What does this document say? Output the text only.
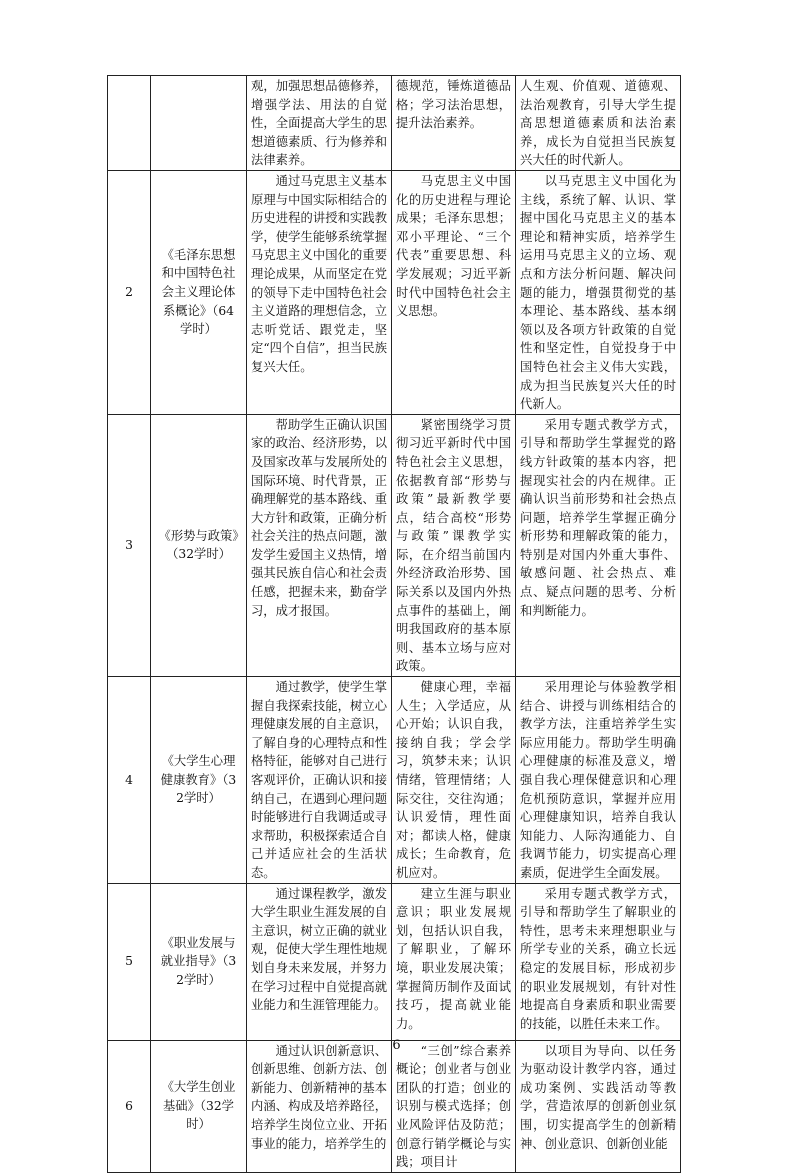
		观，加强思想品德修养，增强学法、用法的自觉性，全面提高大学生的思想道德素质、行为修养和法律素养。	德规范，锤炼道德品格；学习法治思想，提升法治素养。	人生观、价值观、道德观、法治观教育，引导大学生提高思想道德素质和法治素养，成长为自觉担当民族复兴大任的时代新人。
2	《毛泽东思想和中国特色社会主义理论体系概论》（64学时）	通过马克思主义基本原理与中国实际相结合的历史进程的讲授和实践教学，使学生能够系统掌握马克思主义中国化的重要理论成果，从而坚定在党的领导下走中国特色社会主义道路的理想信念，立志听党话、跟党走，坚定“四个自信”，担当民族复兴大任。	马克思主义中国化的历史进程与理论成果；毛泽东思想；邓小平理论、“三个代表”重要思想、科学发展观；习近平新时代中国特色社会主义思想。	以马克思主义中国化为主线，系统了解、认识、掌握中国化马克思主义的基本理论和精神实质，培养学生运用马克思主义的立场、观点和方法分析问题、解决问题的能力，增强贯彻党的基本理论、基本路线、基本纲领以及各项方针政策的自觉性和坚定性，自觉投身于中国特色社会主义伟大实践，成为担当民族复兴大任的时代新人。
3	《形势与政策》（32学时）	帮助学生正确认识国家的政治、经济形势，以及国家改革与发展所处的国际环境、时代背景，正确理解党的基本路线、重大方针和政策，正确分析社会关注的热点问题，激发学生爱国主义热情，增强其民族自信心和社会责任感，把握未来，勤奋学习，成才报国。	紧密围绕学习贯彻习近平新时代中国特色社会主义思想，依据教育部“形势与政策”最新教学要点，结合高校“形势与政策”课教学实际，在介绍当前国内外经济政治形势、国际关系以及国内外热点事件的基础上，阐明我国政府的基本原则、基本立场与应对政策。	采用专题式教学方式，引导和帮助学生掌握党的路线方针政策的基本内容，把握现实社会的内在规律。正确认识当前形势和社会热点问题，培养学生掌握正确分析形势和理解政策的能力，特别是对国内外重大事件、敏感问题、社会热点、难点、疑点问题的思考、分析和判断能力。
4	《大学生心理健康教育》（32学时）	通过教学，使学生掌握自我探索技能，树立心理健康发展的自主意识，了解自身的心理特点和性格特征，能够对自己进行客观评价，正确认识和接纳自己，在遇到心理问题时能够进行自我调适或寻求帮助，积极探索适合自己并适应社会的生活状态。	健康心理，幸福人生；入学适应，从心开始；认识自我，接纳自我；学会学习，筑梦未来；认识情绪，管理情绪；人际交往，交往沟通；认识爱情，理性面对；都读人格，健康成长；生命教育，危机应对。	采用理论与体验教学相结合、讲授与训练相结合的教学方法，注重培养学生实际应用能力。帮助学生明确心理健康的标准及意义，增强自我心理保健意识和心理危机预防意识，掌握并应用心理健康知识，培养自我认知能力、人际沟通能力、自我调节能力，切实提高心理素质，促进学生全面发展。
5	《职业发展与就业指导》（32学时）	通过课程教学，激发大学生职业生涯发展的自主意识，树立正确的就业观，促使大学生理性地规划自身未来发展，并努力在学习过程中自觉提高就业能力和生涯管理能力。	建立生涯与职业意识；职业发展规划，包括认识自我，了解职业，了解环境，职业发展决策；掌握简历制作及面试技巧，提高就业能力。	采用专题式教学方式，引导和帮助学生了解职业的特性，思考未来理想职业与所学专业的关系，确立长远稳定的发展目标，形成初步的职业发展规划，有针对性地提高自身素质和职业需要的技能，以胜任未来工作。
6	《大学生创业基础》（32学时）	通过认识创新意识、创新思维、创新方法、创新能力、创新精神的基本内涵、构成及培养路径，培养学生岗位立业、开拓事业的能力，培养学生的	“三创”综合素养概论；创业者与创业团队的打造；创业的识别与模式选择；创业风险评估及防范；创意行销学概论与实践；项目计	以项目为导向、以任务为驱动设计教学内容，通过成功案例、实践活动等教学，营造浓厚的创新创业氛围，切实提高学生的创新精神、创业意识、创新创业能
6
